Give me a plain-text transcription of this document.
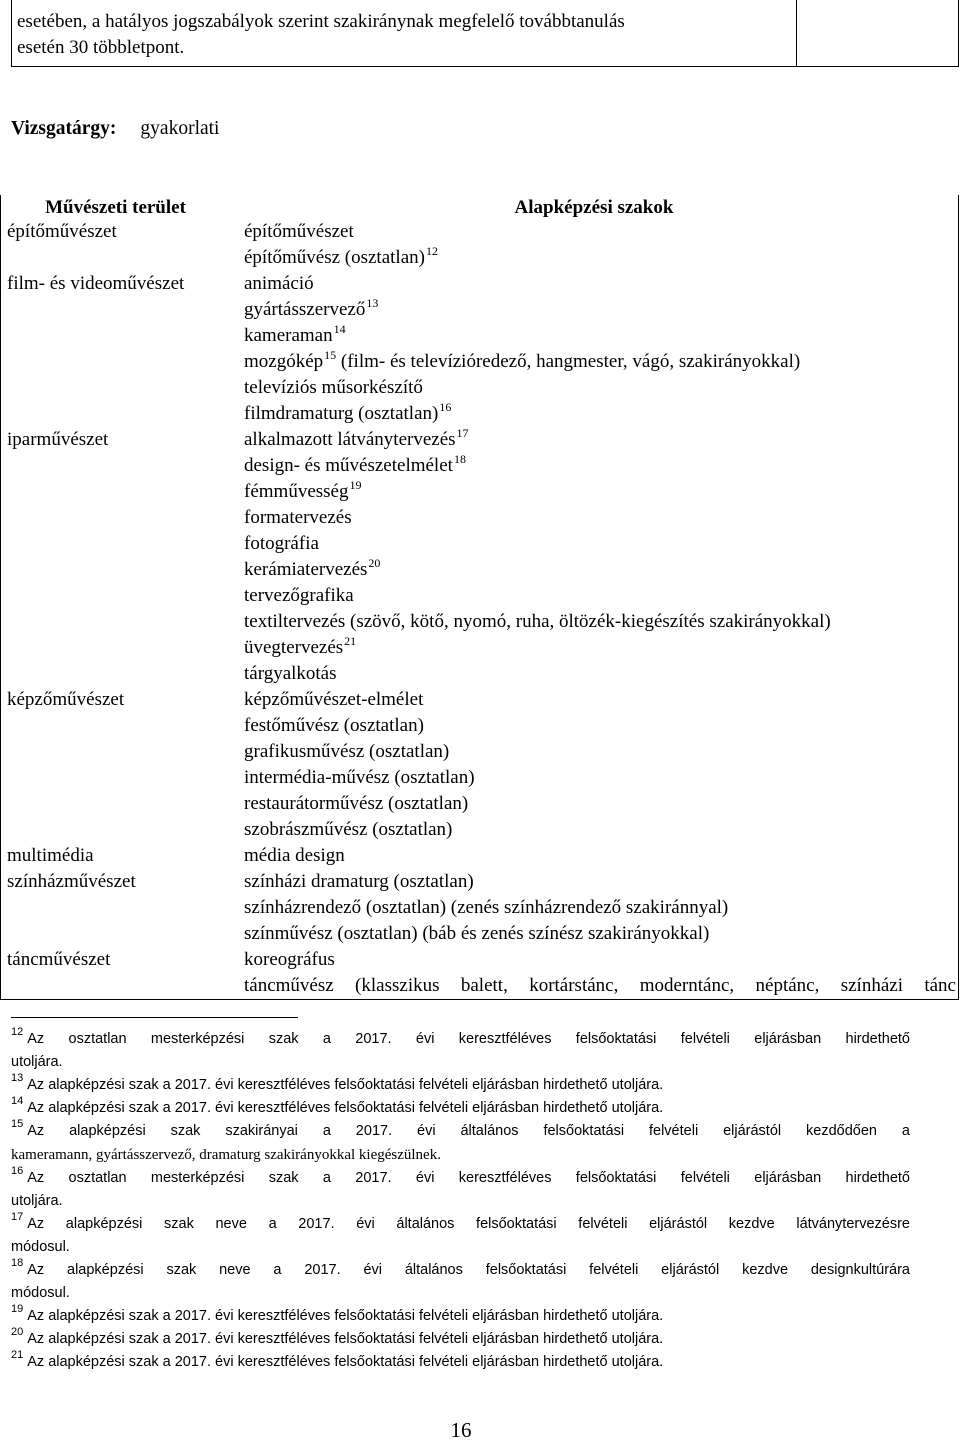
esetében, a hatályos jogszabályok szerint szakiránynak megfelelő továbbtanulás
esetén 30 többletpont.
Vizsgatárgy: gyakorlati
Művészeti terület	Alapképzési szakok
építőművészet	építőművészet
építőművész (osztatlan)$^{12}$
film- és videoművészet	animáció
gyártásszervező$^{13}$
kameraman$^{14}$
mozgókép$^{15}$ (film- és televízióredező, hangmester, vágó, szakirányokkal)
televíziós műsorkészítő
filmdramaturg (osztatlan)$^{16}$
iparművészet	alkalmazott látványtervezés$^{17}$
design- és művészetelmélet$^{18}$
fémművesség$^{19}$
formatervezés
fotográfia
kerámiatervezés$^{20}$
tervezőgrafika
textiltervezés (szövő, kötő, nyomó, ruha, öltözék-kiegészítés szakirányokkal)
üvegtervezés$^{21}$
tárgyalkotás
képzőművészet	képzőművészet-elmélet
festőművész (osztatlan)
grafikusművész (osztatlan)
intermédia-művész (osztatlan)
restaurátorművész (osztatlan)
szobrászművész (osztatlan)
multimédia	média design
színházművészet	színházi dramaturg (osztatlan)
színházrendező (osztatlan) (zenés színházrendező szakiránnyal)
színművész (osztatlan) (báb és zenés színész szakirányokkal)
táncművészet	koreográfus
táncművész (klasszikus balett, kortárstánc, moderntánc, néptánc, színházi tánc
$^{12}$ Az osztatlan mesterképzési szak a 2017. évi keresztféléves felsőoktatási felvételi eljárásban hirdethető
utoljára.
$^{13}$ Az alapképzési szak a 2017. évi keresztféléves felsőoktatási felvételi eljárásban hirdethető utoljára.
$^{14}$ Az alapképzési szak a 2017. évi keresztféléves felsőoktatási felvételi eljárásban hirdethető utoljára.
$^{15}$ Az alapképzési szak szakirányai a 2017. évi általános felsőoktatási felvételi eljárástól kezdődően a
kameramann, gyártásszervező, dramaturg szakirányokkal kiegészülnek.
$^{16}$ Az osztatlan mesterképzési szak a 2017. évi keresztféléves felsőoktatási felvételi eljárásban hirdethető
utoljára.
$^{17}$ Az alapképzési szak neve a 2017. évi általános felsőoktatási felvételi eljárástól kezdve látványtervezésre
módosul.
$^{18}$ Az alapképzési szak neve a 2017. évi általános felsőoktatási felvételi eljárástól kezdve designkultúrára
módosul.
$^{19}$ Az alapképzési szak a 2017. évi keresztféléves felsőoktatási felvételi eljárásban hirdethető utoljára.
$^{20}$ Az alapképzési szak a 2017. évi keresztféléves felsőoktatási felvételi eljárásban hirdethető utoljára.
$^{21}$ Az alapképzési szak a 2017. évi keresztféléves felsőoktatási felvételi eljárásban hirdethető utoljára.
16
